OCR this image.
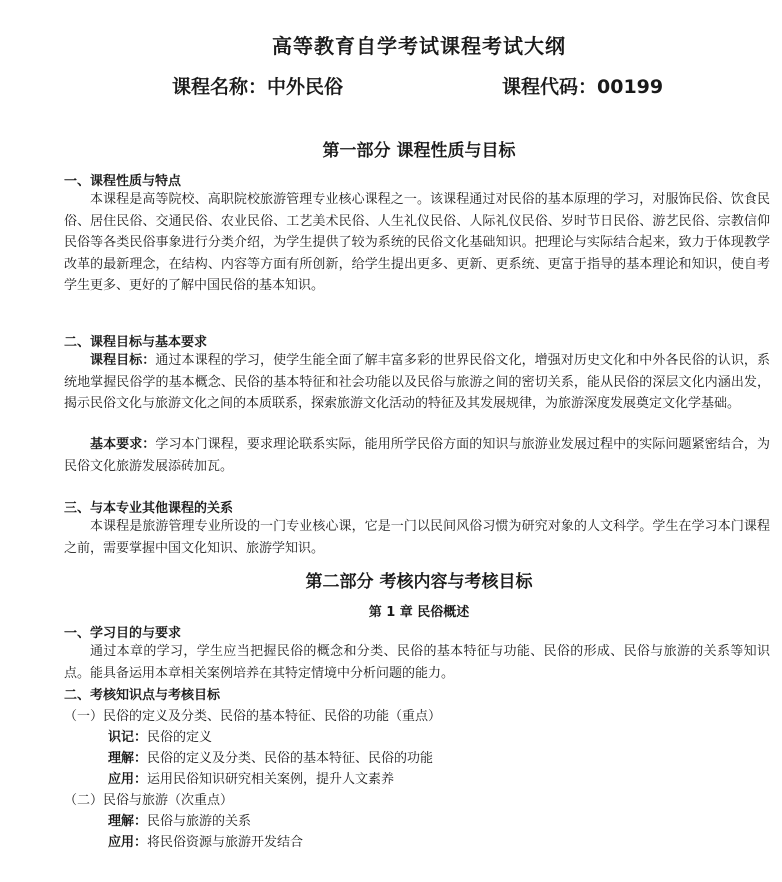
高等教育自学考试课程考试大纲
课程名称：中外民俗	课程代码：00199
第一部分 课程性质与目标
一、课程性质与特点

本课程是高等院校、高职院校旅游管理专业核心课程之一。该课程通过对民俗的基本原理的学习，对服饰民俗、饮食民俗、居住民俗、交通民俗、农业民俗、工艺美术民俗、人生礼仪民俗、人际礼仪民俗、岁时节日民俗、游艺民俗、宗教信仰民俗等各类民俗事象进行分类介绍，为学生提供了较为系统的民俗文化基础知识。把理论与实际结合起来，致力于体现教学改革的最新理念，在结构、内容等方面有所创新，给学生提出更多、更新、更系统、更富于指导的基本理论和知识，使自考学生更多、更好的了解中国民俗的基本知识。

二、课程目标与基本要求

课程目标：通过本课程的学习，使学生能全面了解丰富多彩的世界民俗文化，增强对历史文化和中外各民俗的认识，系统地掌握民俗学的基本概念、民俗的基本特征和社会功能以及民俗与旅游之间的密切关系，能从民俗的深层文化内涵出发，揭示民俗文化与旅游文化之间的本质联系，探索旅游文化活动的特征及其发展规律，为旅游深度发展奠定文化学基础。

基本要求：学习本门课程，要求理论联系实际，能用所学民俗方面的知识与旅游业发展过程中的实际问题紧密结合，为民俗文化旅游发展添砖加瓦。

三、与本专业其他课程的关系

本课程是旅游管理专业所设的一门专业核心课，它是一门以民间风俗习惯为研究对象的人文科学。学生在学习本门课程之前，需要掌握中国文化知识、旅游学知识。

第二部分 考核内容与考核目标
第 1 章 民俗概述
一、学习目的与要求

通过本章的学习，学生应当把握民俗的概念和分类、民俗的基本特征与功能、民俗的形成、民俗与旅游的关系等知识点。能具备运用本章相关案例培养在其特定情境中分析问题的能力。

二、考核知识点与考核目标
（一）民俗的定义及分类、民俗的基本特征、民俗的功能（重点）
识记：民俗的定义
理解：民俗的定义及分类、民俗的基本特征、民俗的功能
应用：运用民俗知识研究相关案例，提升人文素养
（二）民俗与旅游（次重点）
理解：民俗与旅游的关系
应用：将民俗资源与旅游开发结合
